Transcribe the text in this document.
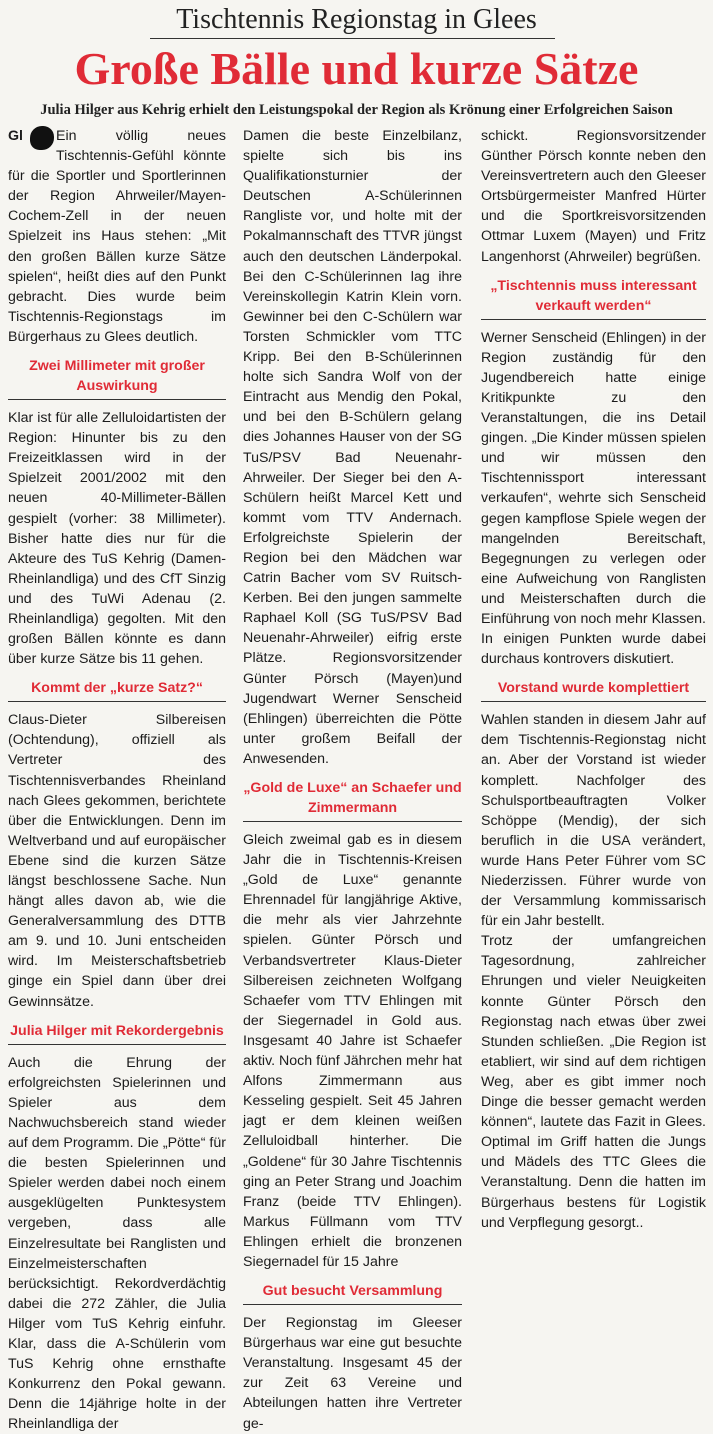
Tischtennis Regionstag in Glees
Große Bälle und kurze Sätze
Julia Hilger aus Kehrig erhielt den Leistungspokal der Region als Krönung einer Erfolgreichen Saison

Gl Ein völlig neues Tischtennis-Gefühl könnte für die Sportler und Sportlerinnen der Region Ahrweiler/Mayen-Cochem-Zell in der neuen Spielzeit ins Haus stehen: „Mit den großen Bällen kurze Sätze spielen“, heißt dies auf den Punkt gebracht. Dies wurde beim Tischtennis-Regionstags im Bürgerhaus zu Glees deutlich.

Zwei Millimeter mit großer Auswirkung

Klar ist für alle Zelluloidartisten der Region: Hinunter bis zu den Freizeitklassen wird in der Spielzeit 2001/2002 mit den neuen 40-Millimeter-Bällen gespielt (vorher: 38 Millimeter). Bisher hatte dies nur für die Akteure des TuS Kehrig (Damen-Rheinlandliga) und des CfT Sinzig und des TuWi Adenau (2. Rheinlandliga) gegolten. Mit den großen Bällen könnte es dann über kurze Sätze bis 11 gehen.

Kommt der „kurze Satz?“

Claus-Dieter Silbereisen (Ochtendung), offiziell als Vertreter des Tischtennisverbandes Rheinland nach Glees gekommen, berichtete über die Entwicklungen. Denn im Weltverband und auf europäischer Ebene sind die kurzen Sätze längst beschlossene Sache. Nun hängt alles davon ab, wie die Generalversammlung des DTTB am 9. und 10. Juni entscheiden wird. Im Meisterschaftsbetrieb ginge ein Spiel dann über drei Gewinnsätze.

Julia Hilger mit Rekordergebnis

Auch die Ehrung der erfolgreichsten Spielerinnen und Spieler aus dem Nachwuchsbereich stand wieder auf dem Programm. Die „Pötte“ für die besten Spielerinnen und Spieler werden dabei noch einem ausgeklügelten Punktesystem vergeben, dass alle Einzelresultate bei Ranglisten und Einzelmeisterschaften berücksichtigt. Rekordverdächtig dabei die 272 Zähler, die Julia Hilger vom TuS Kehrig einfuhr. Klar, dass die A-Schülerin vom TuS Kehrig ohne ernsthafte Konkurrenz den Pokal gewann. Denn die 14jährige holte in der Rheinlandliga der

Damen die beste Einzelbilanz, spielte sich bis ins Qualifikationsturnier der Deutschen A-Schülerinnen Rangliste vor, und holte mit der Pokalmannschaft des TTVR jüngst auch den deutschen Länderpokal. Bei den C-Schülerinnen lag ihre Vereinskollegin Katrin Klein vorn. Gewinner bei den C-Schülern war Torsten Schmickler vom TTC Kripp. Bei den B-Schülerinnen holte sich Sandra Wolf von der Eintracht aus Mendig den Pokal, und bei den B-Schülern gelang dies Johannes Hauser von der SG TuS/PSV Bad Neuenahr-Ahrweiler. Der Sieger bei den A-Schülern heißt Marcel Kett und kommt vom TTV Andernach. Erfolgreichste Spielerin der Region bei den Mädchen war Catrin Bacher vom SV Ruitsch-Kerben. Bei den jungen sammelte Raphael Koll (SG TuS/PSV Bad Neuenahr-Ahrweiler) eifrig erste Plätze. Regionsvorsitzender Günter Pörsch (Mayen)und Jugendwart Werner Senscheid (Ehlingen) überreichten die Pötte unter großem Beifall der Anwesenden.

„Gold de Luxe“ an Schaefer und Zimmermann

Gleich zweimal gab es in diesem Jahr die in Tischtennis-Kreisen „Gold de Luxe“ genannte Ehrennadel für langjährige Aktive, die mehr als vier Jahrzehnte spielen. Günter Pörsch und Verbandsvertreter Klaus-Dieter Silbereisen zeichneten Wolfgang Schaefer vom TTV Ehlingen mit der Siegernadel in Gold aus. Insgesamt 40 Jahre ist Schaefer aktiv. Noch fünf Jährchen mehr hat Alfons Zimmermann aus Kesseling gespielt. Seit 45 Jahren jagt er dem kleinen weißen Zelluloidball hinterher. Die „Goldene“ für 30 Jahre Tischtennis ging an Peter Strang und Joachim Franz (beide TTV Ehlingen). Markus Füllmann vom TTV Ehlingen erhielt die bronzenen Siegernadel für 15 Jahre

Gut besucht Versammlung

Der Regionstag im Gleeser Bürgerhaus war eine gut besuchte Veranstaltung. Insgesamt 45 der zur Zeit 63 Vereine und Abteilungen hatten ihre Vertreter ge-

schickt. Regionsvorsitzender Günther Pörsch konnte neben den Vereinsvertretern auch den Gleeser Ortsbürgermeister Manfred Hürter und die Sportkreisvorsitzenden Ottmar Luxem (Mayen) und Fritz Langenhorst (Ahrweiler) begrüßen.

„Tischtennis muss interessant verkauft werden“

Werner Senscheid (Ehlingen) in der Region zuständig für den Jugendbereich hatte einige Kritikpunkte zu den Veranstaltungen, die ins Detail gingen. „Die Kinder müssen spielen und wir müssen den Tischtennissport interessant verkaufen“, wehrte sich Senscheid gegen kampflose Spiele wegen der mangelnden Bereitschaft, Begegnungen zu verlegen oder eine Aufweichung von Ranglisten und Meisterschaften durch die Einführung von noch mehr Klassen. In einigen Punkten wurde dabei durchaus kontrovers diskutiert.

Vorstand wurde komplettiert

Wahlen standen in diesem Jahr auf dem Tischtennis-Regionstag nicht an. Aber der Vorstand ist wieder komplett. Nachfolger des Schulsportbeauftragten Volker Schöppe (Mendig), der sich beruflich in die USA verändert, wurde Hans Peter Führer vom SC Niederzissen. Führer wurde von der Versammlung kommissarisch für ein Jahr bestellt.

Trotz der umfangreichen Tagesordnung, zahlreicher Ehrungen und vieler Neuigkeiten konnte Günter Pörsch den Regionstag nach etwas über zwei Stunden schließen. „Die Region ist etabliert, wir sind auf dem richtigen Weg, aber es gibt immer noch Dinge die besser gemacht werden können“, lautete das Fazit in Glees. Optimal im Griff hatten die Jungs und Mädels des TTC Glees die Veranstaltung. Denn die hatten im Bürgerhaus bestens für Logistik und Verpflegung gesorgt..
